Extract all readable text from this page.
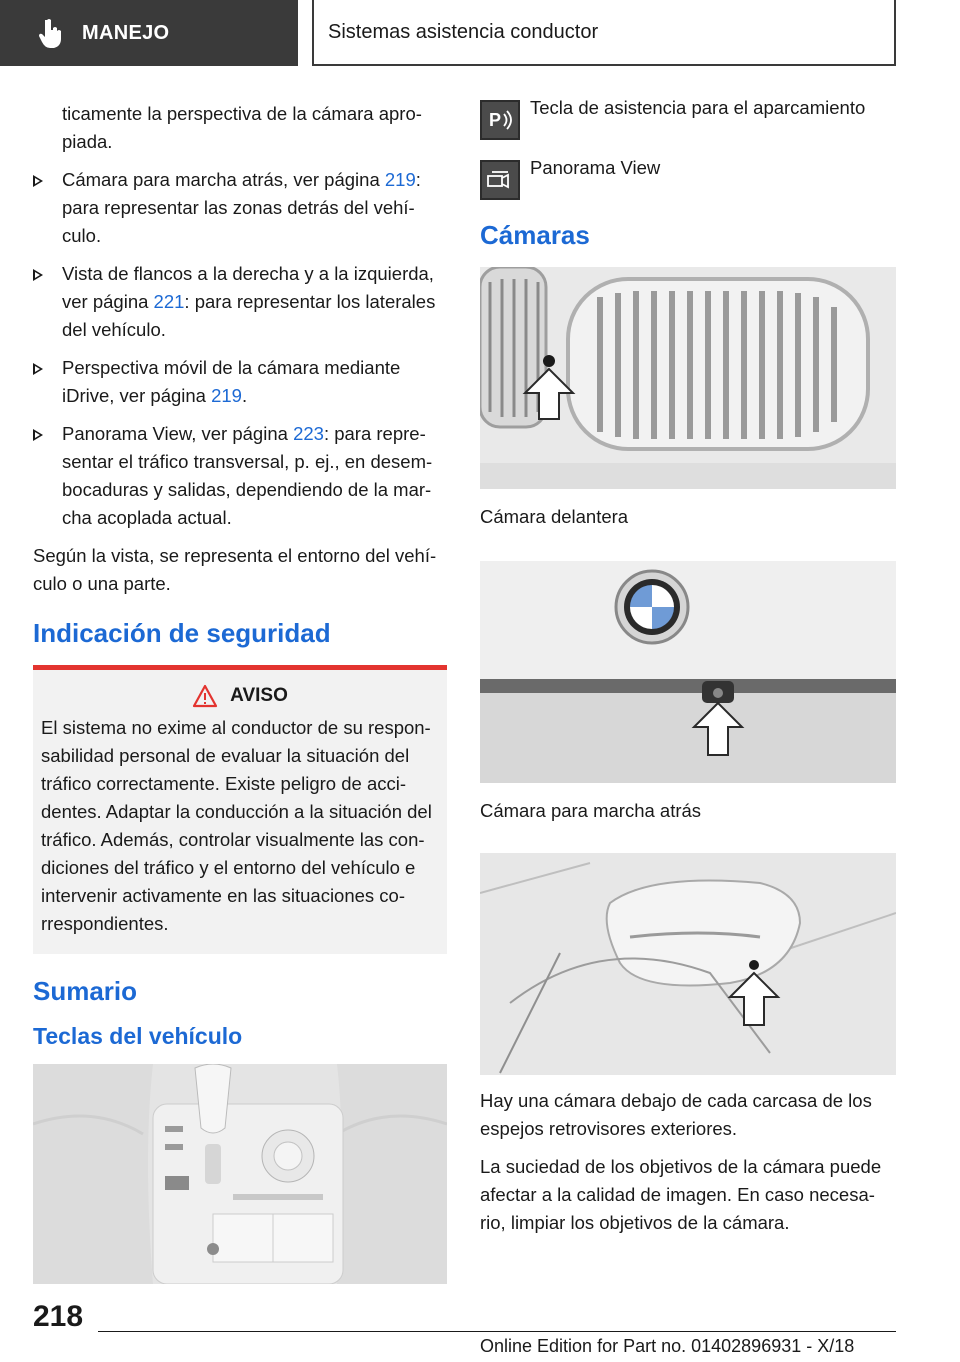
MANEJO	Sistemas asistencia conductor

ticamente la perspectiva de la cámara apro-piada.

Cámara para marcha atrás, ver página 219: para representar las zonas detrás del vehí-culo.
Vista de flancos a la derecha y a la izquierda, ver página 221: para representar los laterales del vehículo.
Perspectiva móvil de la cámara mediante iDrive, ver página 219.
Panorama View, ver página 223: para repre-sentar el tráfico transversal, p. ej., en desem-bocaduras y salidas, dependiendo de la mar-cha acoplada actual.

Según la vista, se representa el entorno del vehí-culo o una parte.

Indicación de seguridad
AVISO

El sistema no exime al conductor de su respon-sabilidad personal de evaluar la situación del tráfico correctamente. Existe peligro de acci-dentes. Adaptar la conducción a la situación del tráfico. Además, controlar visualmente las con-diciones del tráfico y el entorno del vehículo e intervenir activamente en las situaciones co-rrespondientes.

Sumario
Teclas del vehículo
P
Tecla de asistencia para el aparcamiento
Panorama View
Cámaras

Cámara delantera

Cámara para marcha atrás

Hay una cámara debajo de cada carcasa de los espejos retrovisores exteriores.

La suciedad de los objetivos de la cámara puede afectar a la calidad de imagen. En caso necesa-rio, limpiar los objetivos de la cámara.

218
Online Edition for Part no. 01402896931 - X/18
